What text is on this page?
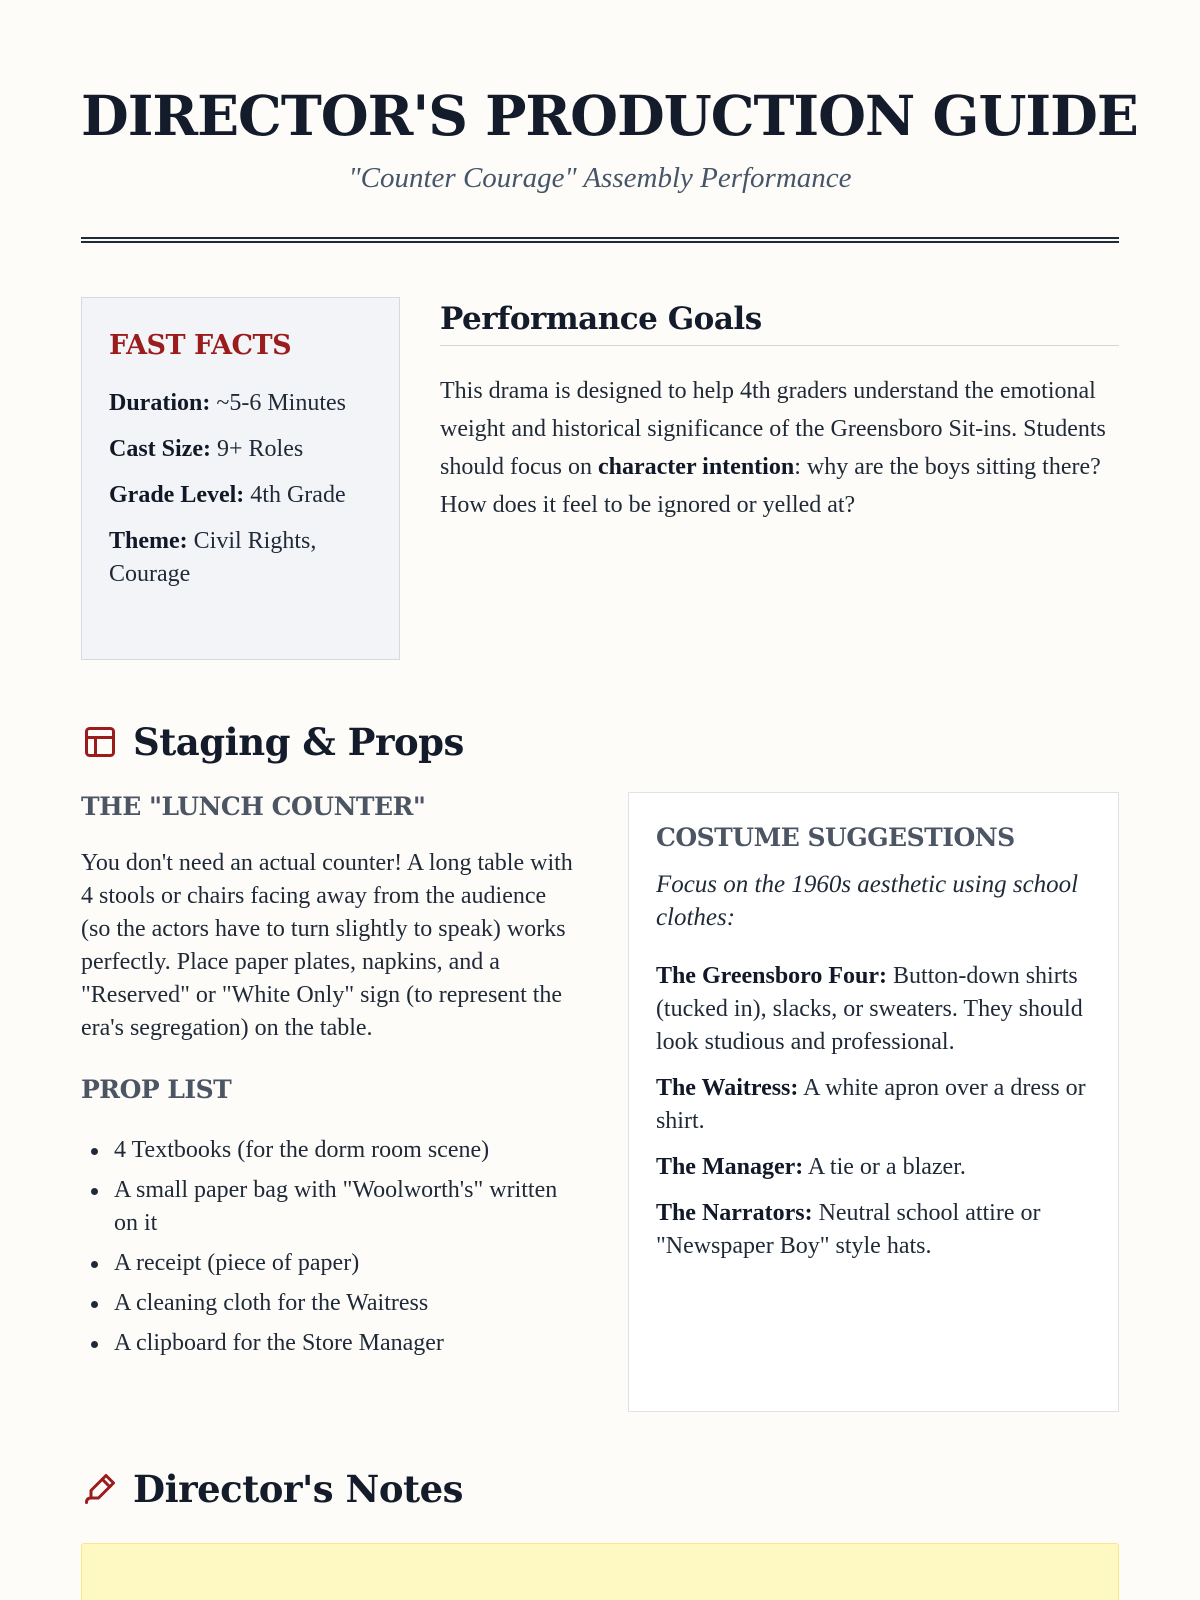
DIRECTOR'S PRODUCTION GUIDE
"Counter Courage" Assembly Performance
FAST FACTS
Duration: ~5-6 Minutes
Cast Size: 9+ Roles
Grade Level: 4th Grade
Theme: Civil Rights, Courage
Performance Goals

This drama is designed to help 4th graders understand the emotional weight and historical significance of the Greensboro Sit-ins. Students should focus on character intention: why are the boys sitting there? How does it feel to be ignored or yelled at?

Staging & Props
THE "LUNCH COUNTER"

You don't need an actual counter! A long table with 4 stools or chairs facing away from the audience (so the actors have to turn slightly to speak) works perfectly. Place paper plates, napkins, and a "Reserved" or "White Only" sign (to represent the era's segregation) on the table.

PROP LIST
4 Textbooks (for the dorm room scene)
A small paper bag with "Woolworth's" written on it
A receipt (piece of paper)
A cleaning cloth for the Waitress
A clipboard for the Store Manager
COSTUME SUGGESTIONS

Focus on the 1960s aesthetic using school clothes:

The Greensboro Four: Button-down shirts (tucked in), slacks, or sweaters. They should look studious and professional.

The Waitress: A white apron over a dress or shirt.

The Manager: A tie or a blazer.

The Narrators: Neutral school attire or "Newspaper Boy" style hats.

Director's Notes
